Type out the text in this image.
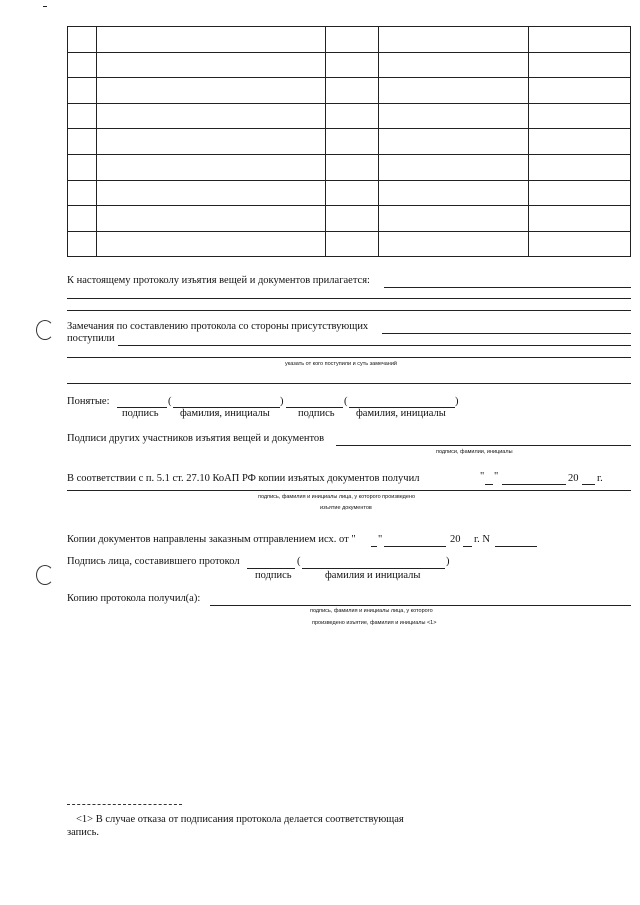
К настоящему протоколу изъятия вещей и документов прилагается:
Замечания по составлению протокола со стороны присутствующих
поступили
указать от кого поступили и суть замечаний
Понятые:	(	)	(	)
подпись фамилия, инициалы	подпись фамилия, инициалы
Подписи других участников изъятия вещей и документов
подписи, фамилии, инициалы
В соответствии с п. 5.1 ст. 27.10 КоАП РФ копии изъятых документов получил	" "	20 г.
подпись, фамилия и инициалы лица, у которого произведено
изъятие документов
Копии документов направлены заказным отправлением исх. от " "	20 г. N
Подпись лица, составившего протокол	(	)
подпись	фамилия и инициалы
Копию протокола получил(а):
подпись, фамилия и инициалы лица, у которого
произведено изъятие, фамилия и инициалы <1>
<1> В случае отказа от подписания протокола делается соответствующая
запись.
